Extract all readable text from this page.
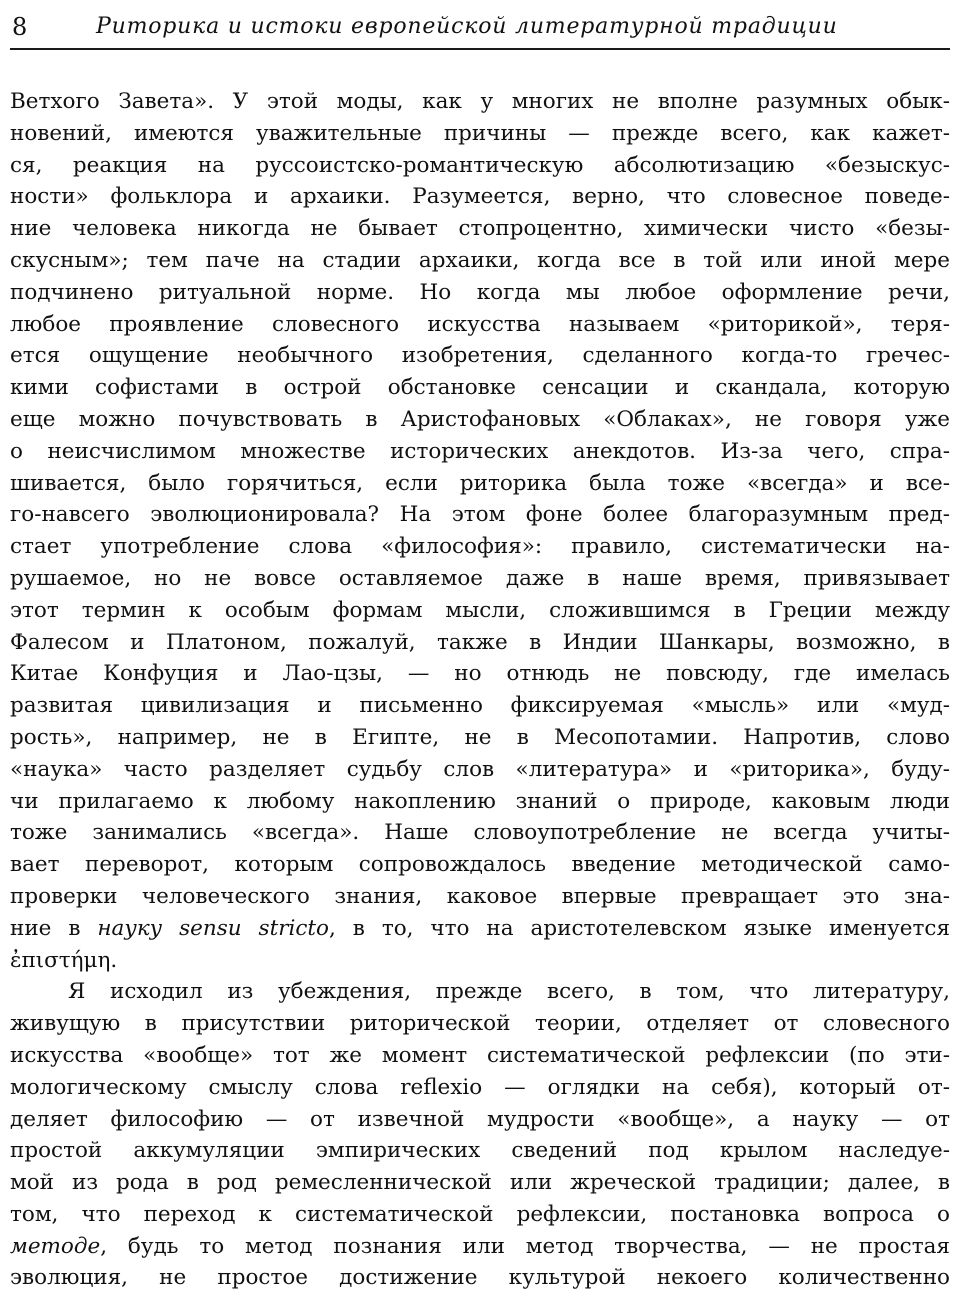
8	Риторика и истоки европейской литературной традиции
Ветхого Завета». У этой моды, как у многих не вполне разумных обык-
новений, имеются уважительные причины — прежде всего, как кажет-
ся, реакция на руссоистско-романтическую абсолютизацию «безыскус-
ности» фольклора и архаики. Разумеется, верно, что словесное поведе-
ние человека никогда не бывает стопроцентно, химически чисто «безы-
скусным»; тем паче на стадии архаики, когда все в той или иной мере
подчинено ритуальной норме. Но когда мы любое оформление речи,
любое проявление словесного искусства называем «риторикой», теря-
ется ощущение необычного изобретения, сделанного когда-то гречес-
кими софистами в острой обстановке сенсации и скандала, которую
еще можно почувствовать в Аристофановых «Облаках», не говоря уже
о неисчислимом множестве исторических анекдотов. Из-за чего, спра-
шивается, было горячиться, если риторика была тоже «всегда» и все-
го-навсего эволюционировала? На этом фоне более благоразумным пред-
стает употребление слова «философия»: правило, систематически на-
рушаемое, но не вовсе оставляемое даже в наше время, привязывает
этот термин к особым формам мысли, сложившимся в Греции между
Фалесом и Платоном, пожалуй, также в Индии Шанкары, возможно, в
Китае Конфуция и Лао-цзы, — но отнюдь не повсюду, где имелась
развитая цивилизация и письменно фиксируемая «мысль» или «муд-
рость», например, не в Египте, не в Месопотамии. Напротив, слово
«наука» часто разделяет судьбу слов «литература» и «риторика», буду-
чи прилагаемо к любому накоплению знаний о природе, каковым люди
тоже занимались «всегда». Наше словоупотребление не всегда учиты-
вает переворот, которым сопровождалось введение методической само-
проверки человеческого знания, каковое впервые превращает это зна-
ние в науку sensu stricto, в то, что на аристотелевском языке именуется
ἐπιστήμη.
Я исходил из убеждения, прежде всего, в том, что литературу,
живущую в присутствии риторической теории, отделяет от словесного
искусства «вообще» тот же момент систематической рефлексии (по эти-
мологическому смыслу слова reflexio — оглядки на себя), который от-
деляет философию — от извечной мудрости «вообще», а науку — от
простой аккумуляции эмпирических сведений под крылом наследуе-
мой из рода в род ремесленнической или жреческой традиции; далее, в
том, что переход к систематической рефлексии, постановка вопроса о
методе, будь то метод познания или метод творчества, — не простая
эволюция, не простое достижение культурой некоего количественно
